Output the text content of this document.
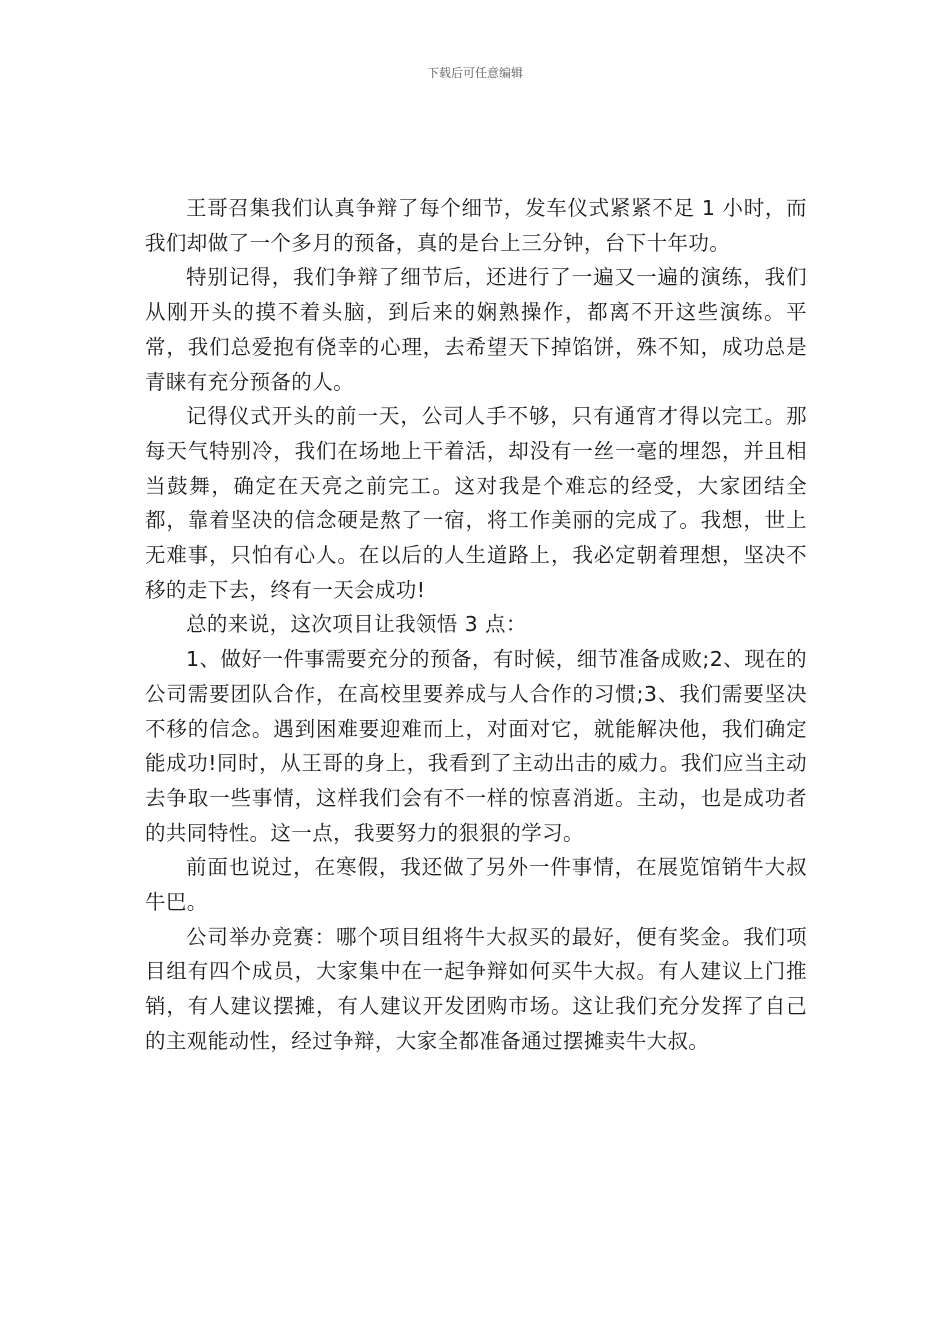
下载后可任意编辑

王哥召集我们认真争辩了每个细节，发车仪式紧紧不足 1 小时，而我们却做了一个多月的预备，真的是台上三分钟，台下十年功。

特别记得，我们争辩了细节后，还进行了一遍又一遍的演练，我们从刚开头的摸不着头脑，到后来的娴熟操作，都离不开这些演练。平常，我们总爱抱有侥幸的心理，去希望天下掉馅饼，殊不知，成功总是青睐有充分预备的人。

记得仪式开头的前一天，公司人手不够，只有通宵才得以完工。那每天气特别冷，我们在场地上干着活，却没有一丝一毫的埋怨，并且相当鼓舞，确定在天亮之前完工。这对我是个难忘的经受，大家团结全都，靠着坚决的信念硬是熬了一宿，将工作美丽的完成了。我想，世上无难事，只怕有心人。在以后的人生道路上，我必定朝着理想，坚决不移的走下去，终有一天会成功!

总的来说，这次项目让我领悟 3 点：

1、做好一件事需要充分的预备，有时候，细节准备成败;2、现在的公司需要团队合作，在高校里要养成与人合作的习惯;3、我们需要坚决不移的信念。遇到困难要迎难而上，对面对它，就能解决他，我们确定能成功!同时，从王哥的身上，我看到了主动出击的威力。我们应当主动去争取一些事情，这样我们会有不一样的惊喜消逝。主动，也是成功者的共同特性。这一点，我要努力的狠狠的学习。

前面也说过，在寒假，我还做了另外一件事情，在展览馆销牛大叔牛巴。

公司举办竞赛：哪个项目组将牛大叔买的最好，便有奖金。我们项目组有四个成员，大家集中在一起争辩如何买牛大叔。有人建议上门推销，有人建议摆摊，有人建议开发团购市场。这让我们充分发挥了自己的主观能动性，经过争辩，大家全都准备通过摆摊卖牛大叔。
